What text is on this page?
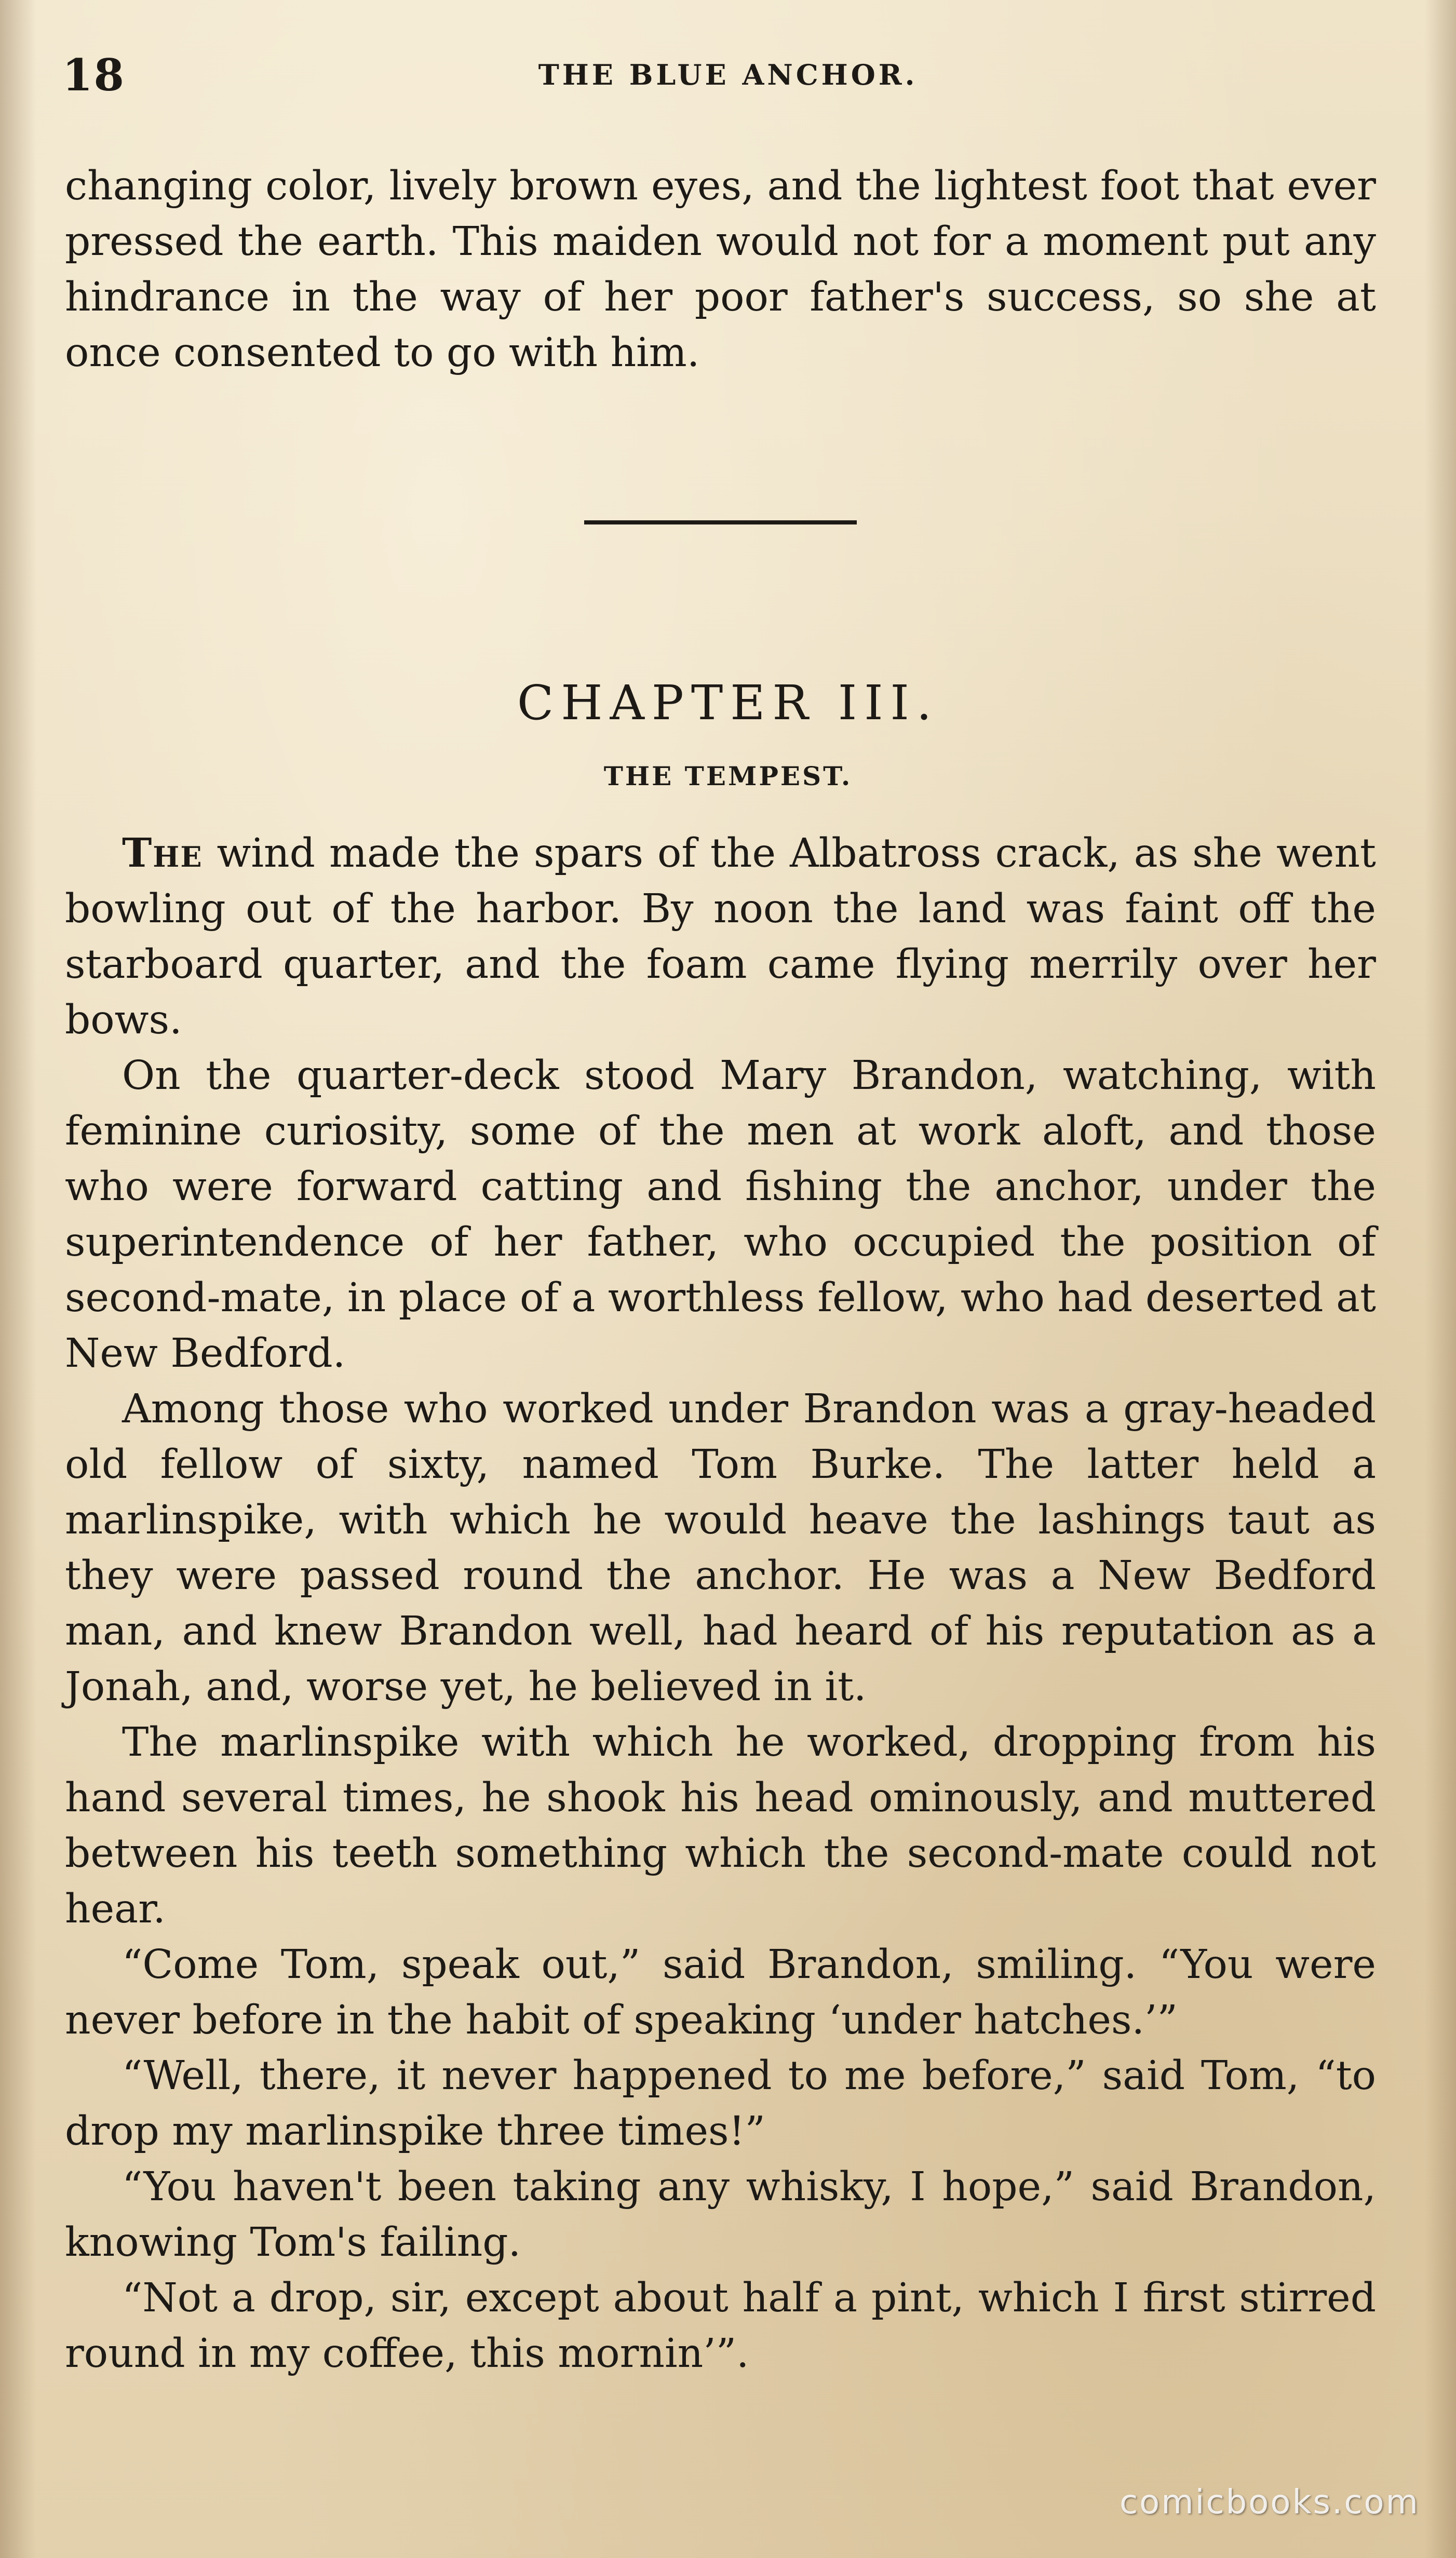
18	THE BLUE ANCHOR.

changing color, lively brown eyes, and the lightest foot that ever pressed the earth. This maiden would not for a moment put any hindrance in the way of her poor father's success, so she at once consented to go with him.

CHAPTER III.
THE TEMPEST.

The wind made the spars of the Albatross crack, as she went bowling out of the harbor. By noon the land was faint off the starboard quarter, and the foam came flying merrily over her bows.

On the quarter-deck stood Mary Brandon, watching, with feminine curiosity, some of the men at work aloft, and those who were forward catting and fishing the anchor, under the superintendence of her father, who occupied the position of second-mate, in place of a worthless fellow, who had deserted at New Bedford.

Among those who worked under Brandon was a gray-headed old fellow of sixty, named Tom Burke. The latter held a marlinspike, with which he would heave the lashings taut as they were passed round the anchor. He was a New Bedford man, and knew Brandon well, had heard of his reputation as a Jonah, and, worse yet, he believed in it.

The marlinspike with which he worked, dropping from his hand several times, he shook his head ominously, and muttered between his teeth something which the second-mate could not hear.

“Come Tom, speak out,” said Brandon, smiling. “You were never before in the habit of speaking ‘under hatches.’”

“Well, there, it never happened to me before,” said Tom, “to drop my marlinspike three times!”

“You haven't been taking any whisky, I hope,” said Brandon, knowing Tom's failing.

“Not a drop, sir, except about half a pint, which I first stirred round in my coffee, this mornin’”.

comicbooks.com
